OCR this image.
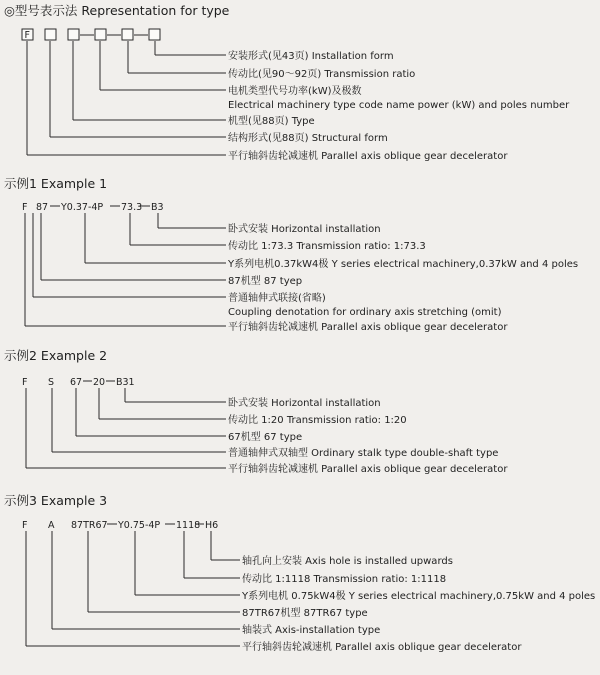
◎型号表示法 Representation for type
F
安装形式(见43页) Installation form
传动比(见90～92页) Transmission ratio
电机类型代号功率(kW)及极数
Electrical machinery type code name power (kW) and poles number
机型(见88页) Type
结构形式(见88页) Structural form
平行轴斜齿轮减速机 Parallel axis oblique gear decelerator
示例1 Example 1
F 87 Y0.37-4P 73.3 B3
卧式安装 Horizontal installation
传动比 1:73.3 Transmission ratio: 1:73.3
Y系列电机0.37kW4极 Y series electrical machinery,0.37kW and 4 poles
87机型 87 tyep
普通轴伸式联接(省略)
Coupling denotation for ordinary axis stretching (omit)
平行轴斜齿轮减速机 Parallel axis oblique gear decelerator
示例2 Example 2
F S 67 20 B31
卧式安装 Horizontal installation
传动比 1:20 Transmission ratio: 1:20
67机型 67 type
普通轴伸式双轴型 Ordinary stalk type double-shaft type
平行轴斜齿轮减速机 Parallel axis oblique gear decelerator
示例3 Example 3
F A 87TR67 Y0.75-4P 1118 H6
轴孔向上安装 Axis hole is installed upwards
传动比 1:1118 Transmission ratio: 1:1118
Y系列电机 0.75kW4极 Y series electrical machinery,0.75kW and 4 poles
87TR67机型 87TR67 type
轴装式 Axis-installation type
平行轴斜齿轮减速机 Parallel axis oblique gear decelerator
